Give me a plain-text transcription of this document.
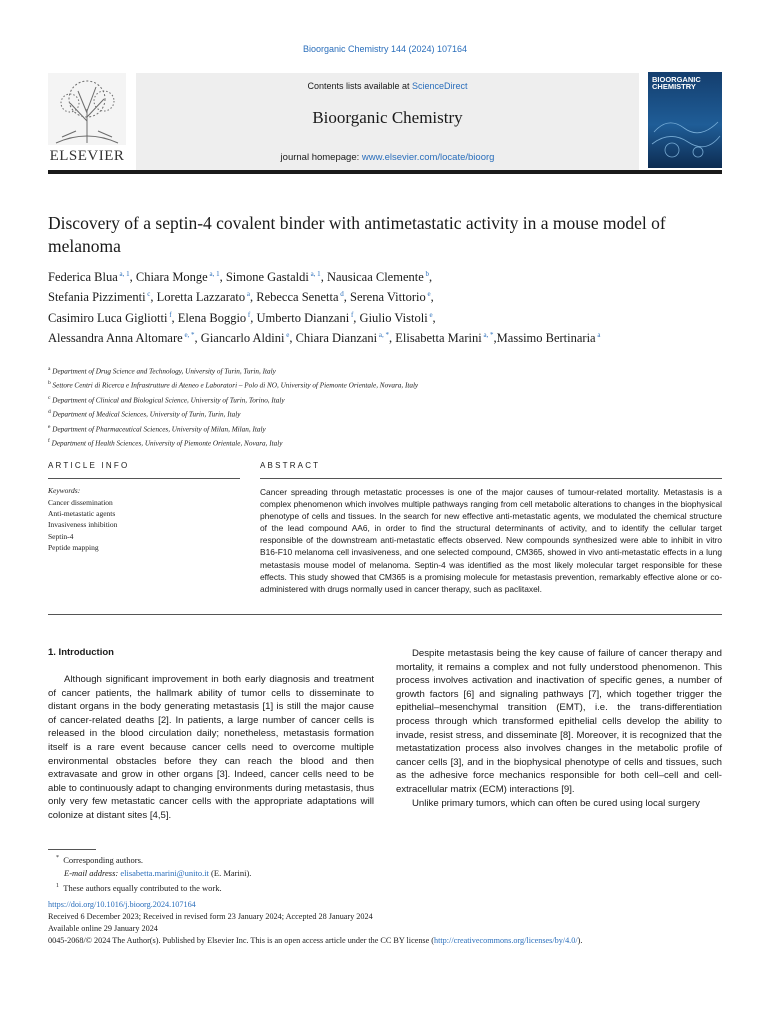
Bioorganic Chemistry 144 (2024) 107164
ELSEVIER
Contents lists available at ScienceDirect
Bioorganic Chemistry
journal homepage: www.elsevier.com/locate/bioorg
BIOORGANIC CHEMISTRY
Discovery of a septin-4 covalent binder with antimetastatic activity in a mouse model of melanoma
Federica Blua $^{a, 1}$, Chiara Monge $^{a, 1}$, Simone Gastaldi $^{a, 1}$, Nausicaa Clemente $^b$,
Stefania Pizzimenti $^c$, Loretta Lazzarato $^a$, Rebecca Senetta $^d$, Serena Vittorio $^e$,
Casimiro Luca Gigliotti $^f$, Elena Boggio $^f$, Umberto Dianzani $^f$, Giulio Vistoli $^e$,
Alessandra Anna Altomare $^{e, *}$, Giancarlo Aldini $^e$, Chiara Dianzani $^{a, *}$, Elisabetta Marini $^{a, *}$,Massimo Bertinaria $^a$
$^a$ Department of Drug Science and Technology, University of Turin, Turin, Italy
$^b$ Settore Centri di Ricerca e Infrastrutture di Ateneo e Laboratori – Polo di NO, University of Piemonte Orientale, Novara, Italy
$^c$ Department of Clinical and Biological Science, University of Turin, Torino, Italy
$^d$ Department of Medical Sciences, University of Turin, Turin, Italy
$^e$ Department of Pharmaceutical Sciences, University of Milan, Milan, Italy
$^f$ Department of Health Sciences, University of Piemonte Orientale, Novara, Italy
ARTICLE INFO
Keywords:
Cancer dissemination
Anti-metastatic agents
Invasiveness inhibition
Septin-4
Peptide mapping
ABSTRACT
Cancer spreading through metastatic processes is one of the major causes of tumour-related mortality. Metastasis is a complex phenomenon which involves multiple pathways ranging from cell metabolic alterations to changes in the biophysical phenotype of cells and tissues. In the search for new effective anti-metastatic agents, we modulated the chemical structure of the lead compound AA6, in order to find the structural determinants of activity, and to identify the cellular target responsible of the downstream anti-metastatic effects observed. New compounds synthesized were able to inhibit in vitro B16-F10 melanoma cell invasiveness, and one selected compound, CM365, showed in vivo anti-metastatic effects in a lung metastasis mouse model of melanoma. Septin-4 was identified as the most likely molecular target responsible for these effects. This study showed that CM365 is a promising molecule for metastasis prevention, remarkably effective alone or co-administered with drugs normally used in cancer therapy, such as paclitaxel.
1. Introduction

Although significant improvement in both early diagnosis and treatment of cancer patients, the hallmark ability of tumor cells to disseminate to distant organs in the body generating metastasis [1] is still the major cause of cancer-related deaths [2]. In patients, a large number of cancer cells is released in the blood circulation daily; nonetheless, metastasis formation itself is a rare event because cancer cells need to overcome multiple environmental obstacles before they can reach the blood and then extravasate and grow in other organs [3]. Indeed, cancer cells need to be able to continuously adapt to changing environments during metastasis, thus only very few metastatic cancer cells with the appropriate adaptations will colonize at distant sites [4,5].

Despite metastasis being the key cause of failure of cancer therapy and mortality, it remains a complex and not fully understood phenomenon. This process involves activation and inactivation of specific genes, a number of growth factors [6] and signaling pathways [7], which together trigger the epithelial–mesenchymal transition (EMT), i.e. the trans-differentiation process through which transformed epithelial cells develop the ability to invade, resist stress, and disseminate [8]. Moreover, it is recognized that the metastatization process also involves changes in the metabolic profile of cancer cells [3], and in the biophysical phenotype of cells and tissues, such as the adhesive force mechanics responsible for both cell–cell and cell-extracellular matrix (ECM) interactions [9].

Unlike primary tumors, which can often be cured using local surgery

* Corresponding authors.
E-mail address: elisabetta.marini@unito.it (E. Marini).
$^1$ These authors equally contributed to the work.
https://doi.org/10.1016/j.bioorg.2024.107164
Received 6 December 2023; Received in revised form 23 January 2024; Accepted 28 January 2024
Available online 29 January 2024
0045-2068/© 2024 The Author(s). Published by Elsevier Inc. This is an open access article under the CC BY license (http://creativecommons.org/licenses/by/4.0/).
